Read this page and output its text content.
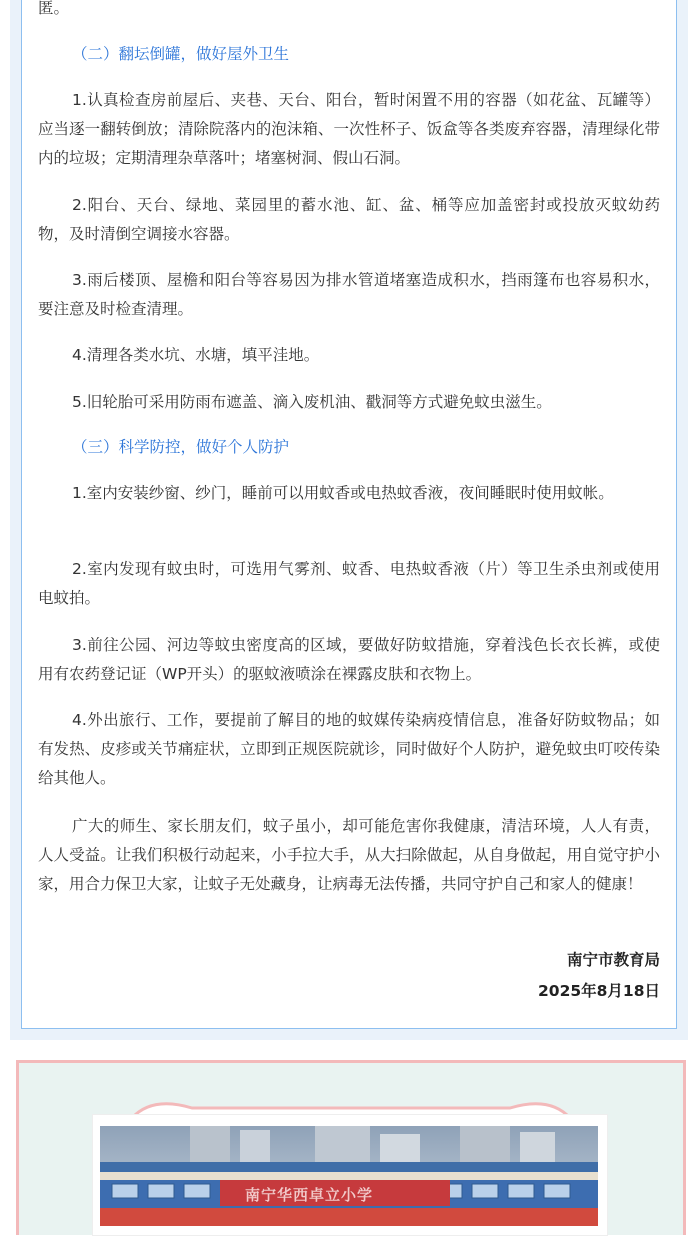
匿。
（二）翻坛倒罐，做好屋外卫生
1.认真检查房前屋后、夹巷、天台、阳台，暂时闲置不用的容器（如花盆、瓦罐等）应当逐一翻转倒放；清除院落内的泡沫箱、一次性杯子、饭盒等各类废弃容器，清理绿化带内的垃圾；定期清理杂草落叶；堵塞树洞、假山石洞。
2.阳台、天台、绿地、菜园里的蓄水池、缸、盆、桶等应加盖密封或投放灭蚊幼药物，及时清倒空调接水容器。
3.雨后楼顶、屋檐和阳台等容易因为排水管道堵塞造成积水，挡雨篷布也容易积水，要注意及时检查清理。
4.清理各类水坑、水塘，填平洼地。
5.旧轮胎可采用防雨布遮盖、滴入废机油、戳洞等方式避免蚊虫滋生。
（三）科学防控，做好个人防护
1.室内安装纱窗、纱门，睡前可以用蚊香或电热蚊香液，夜间睡眠时使用蚊帐。
2.室内发现有蚊虫时，可选用气雾剂、蚊香、电热蚊香液（片）等卫生杀虫剂或使用电蚊拍。
3.前往公园、河边等蚊虫密度高的区域，要做好防蚊措施，穿着浅色长衣长裤，或使用有农药登记证（WP开头）的驱蚊液喷涂在裸露皮肤和衣物上。
4.外出旅行、工作，要提前了解目的地的蚊媒传染病疫情信息，准备好防蚊物品；如有发热、皮疹或关节痛症状，立即到正规医院就诊，同时做好个人防护，避免蚊虫叮咬传染给其他人。
广大的师生、家长朋友们，蚊子虽小，却可能危害你我健康，清洁环境，人人有责，人人受益。让我们积极行动起来，小手拉大手，从大扫除做起，从自身做起，用自觉守护小家，用合力保卫大家，让蚊子无处藏身，让病毒无法传播，共同守护自己和家人的健康！
南宁市教育局
2025年8月18日
南宁华西卓立小学
